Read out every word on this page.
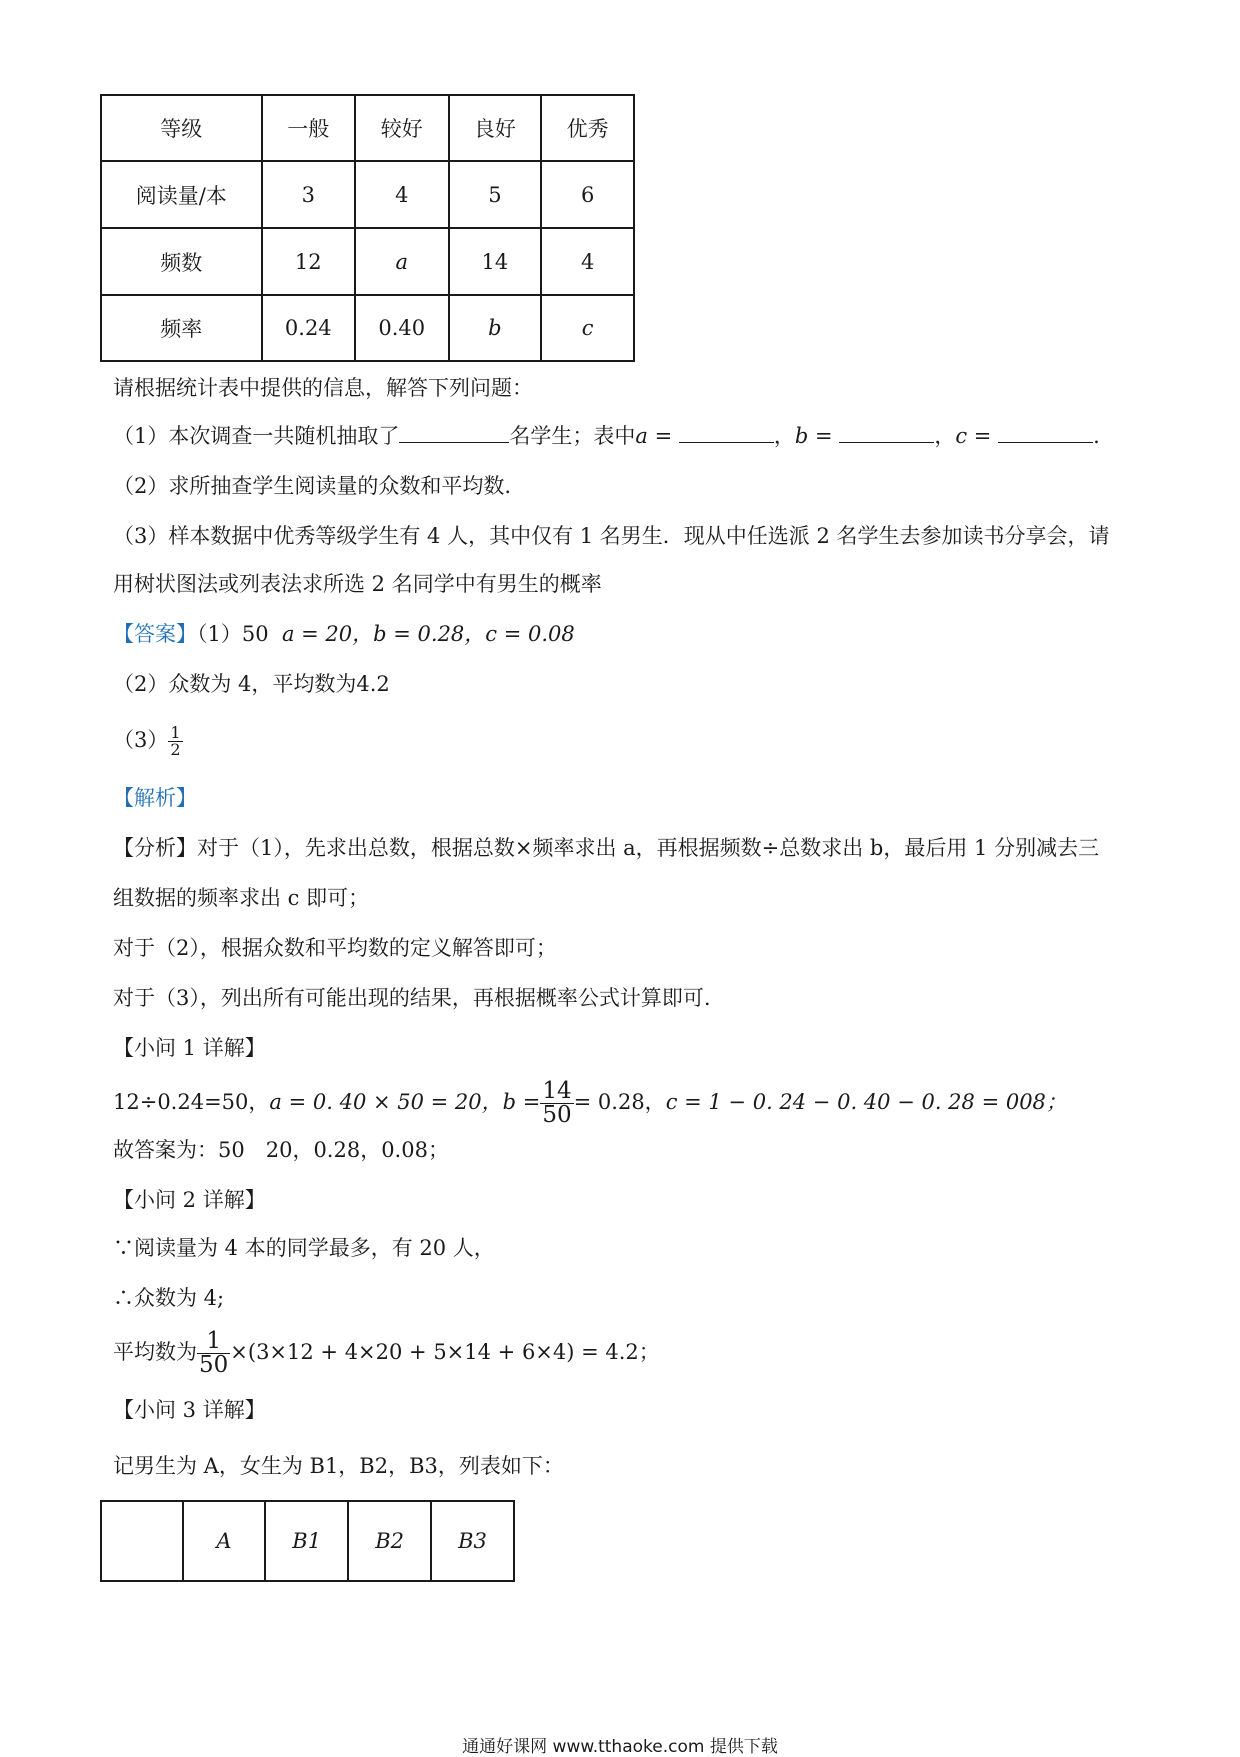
等级	一般	较好	良好	优秀
阅读量/本	3	4	5	6
频数	12	a	14	4
频率	0.24	0.40	b	c
请根据统计表中提供的信息，解答下列问题：
（1）本次调查一共随机抽取了	名学生；表中a =	，b =	，c =	.
（2）求所抽查学生阅读量的众数和平均数.
（3）样本数据中优秀等级学生有 4 人，其中仅有 1 名男生．现从中任选派 2 名学生去参加读书分享会，请
用树状图法或列表法求所选 2 名同学中有男生的概率
【答案】（1）50 a = 20，b = 0.28，c = 0.08
（2）众数为 4，平均数为4.2
$(3) \frac{1}{2}$
【解析】
【分析】对于（1），先求出总数，根据总数×频率求出 a，再根据频数÷总数求出 b，最后用 1 分别减去三
组数据的频率求出 c 即可；
对于（2），根据众数和平均数的定义解答即可；
对于（3），列出所有可能出现的结果，再根据概率公式计算即可.
【小问 1 详解】
12÷0.24=50，a = 0. 40 × 50 = 20，$b = \frac{14}{50} = 0.28$，c = 1 − 0. 24 − 0. 40 − 0. 28 = 008；
故答案为：50　20，0.28，0.08；
【小问 2 详解】
∵阅读量为 4 本的同学最多，有 20 人，
∴众数为 4;
平均数为 $\frac{1}{50} \times(3\times 12 + 4\times 20 + 5\times 14 + 6\times 4) = 4.2$；
【小问 3 详解】
记男生为 A，女生为 B1，B2，B3，列表如下：
	A	B1	B2	B3
通通好课网 www.tthaoke.com 提供下载
